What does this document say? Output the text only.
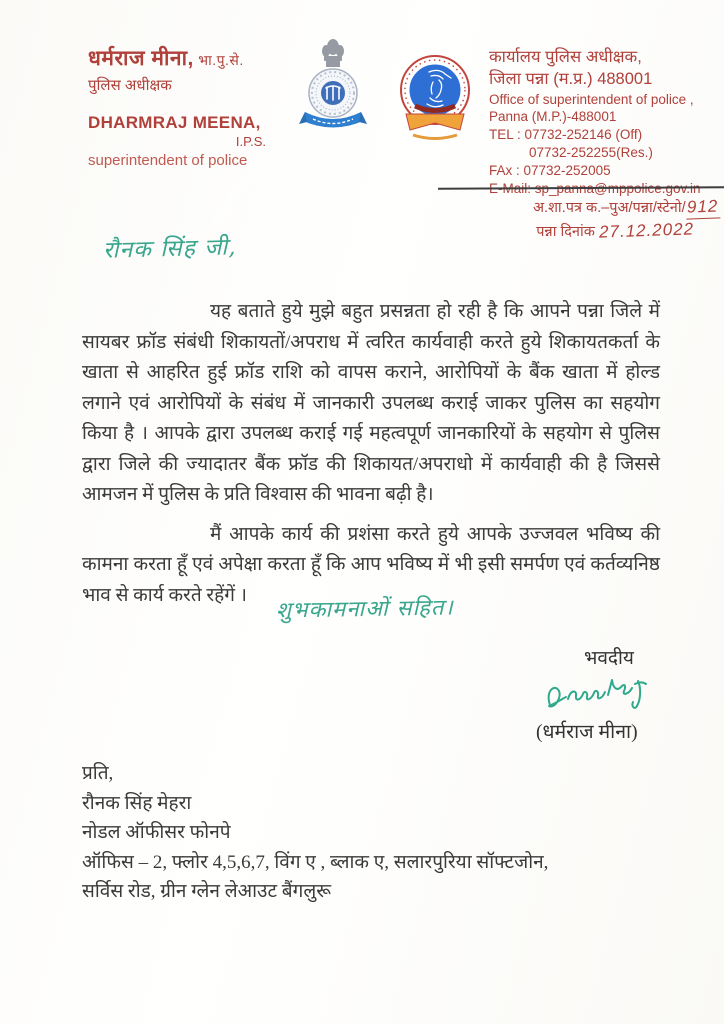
धर्मराज मीना, भा.पु.से.
पुलिस अधीक्षक
DHARMRAJ MEENA,
I.P.S.
superintendent of police
कार्यालय पुलिस अधीक्षक,
जिला पन्ना (म.प्र.) 488001
Office of superintendent of police ,
Panna (M.P.)-488001
TEL : 07732-252146 (Off)
07732-252255(Res.)
FAx : 07732-252005
अ.शा.पत्र क.–पुअ/पन्ना/स्टेनो/912
पन्ना दिनांक 27.12.2022
रौनक सिंह जी,

यह बताते हुये मुझे बहुत प्रसन्नता हो रही है कि आपने पन्ना जिले में सायबर फ्रॉड संबंधी शिकायतों/अपराध में त्वरित कार्यवाही करते हुये शिकायतकर्ता के खाता से आहरित हुई फ्रॉड राशि को वापस कराने, आरोपियों के बैंक खाता में होल्ड लगाने एवं आरोपियों के संबंध में जानकारी उपलब्ध कराई जाकर पुलिस का सहयोग किया है । आपके द्वारा उपलब्ध कराई गई महत्वपूर्ण जानकारियों के सहयोग से पुलिस द्वारा जिले की ज्यादातर बैंक फ्रॉड की शिकायत/अपराधो में कार्यवाही की है जिससे आमजन में पुलिस के प्रति विश्वास की भावना बढ़ी है।

मैं आपके कार्य की प्रशंसा करते हुये आपके उज्जवल भविष्य की कामना करता हूँ एवं अपेक्षा करता हूँ कि आप भविष्य में भी इसी समर्पण एवं कर्तव्यनिष्ठ भाव से कार्य करते रहेंगें ।

शुभकामनाओं सहित।
भवदीय
(धर्मराज मीना)
प्रति,
रौनक सिंह मेहरा
नोडल ऑफीसर फोनपे
ऑफिस – 2, फ्लोर 4,5,6,7, विंग ए , ब्लाक ए, सलारपुरिया सॉफ्टजोन,
सर्विस रोड, ग्रीन ग्लेन लेआउट बैंगलुरू
